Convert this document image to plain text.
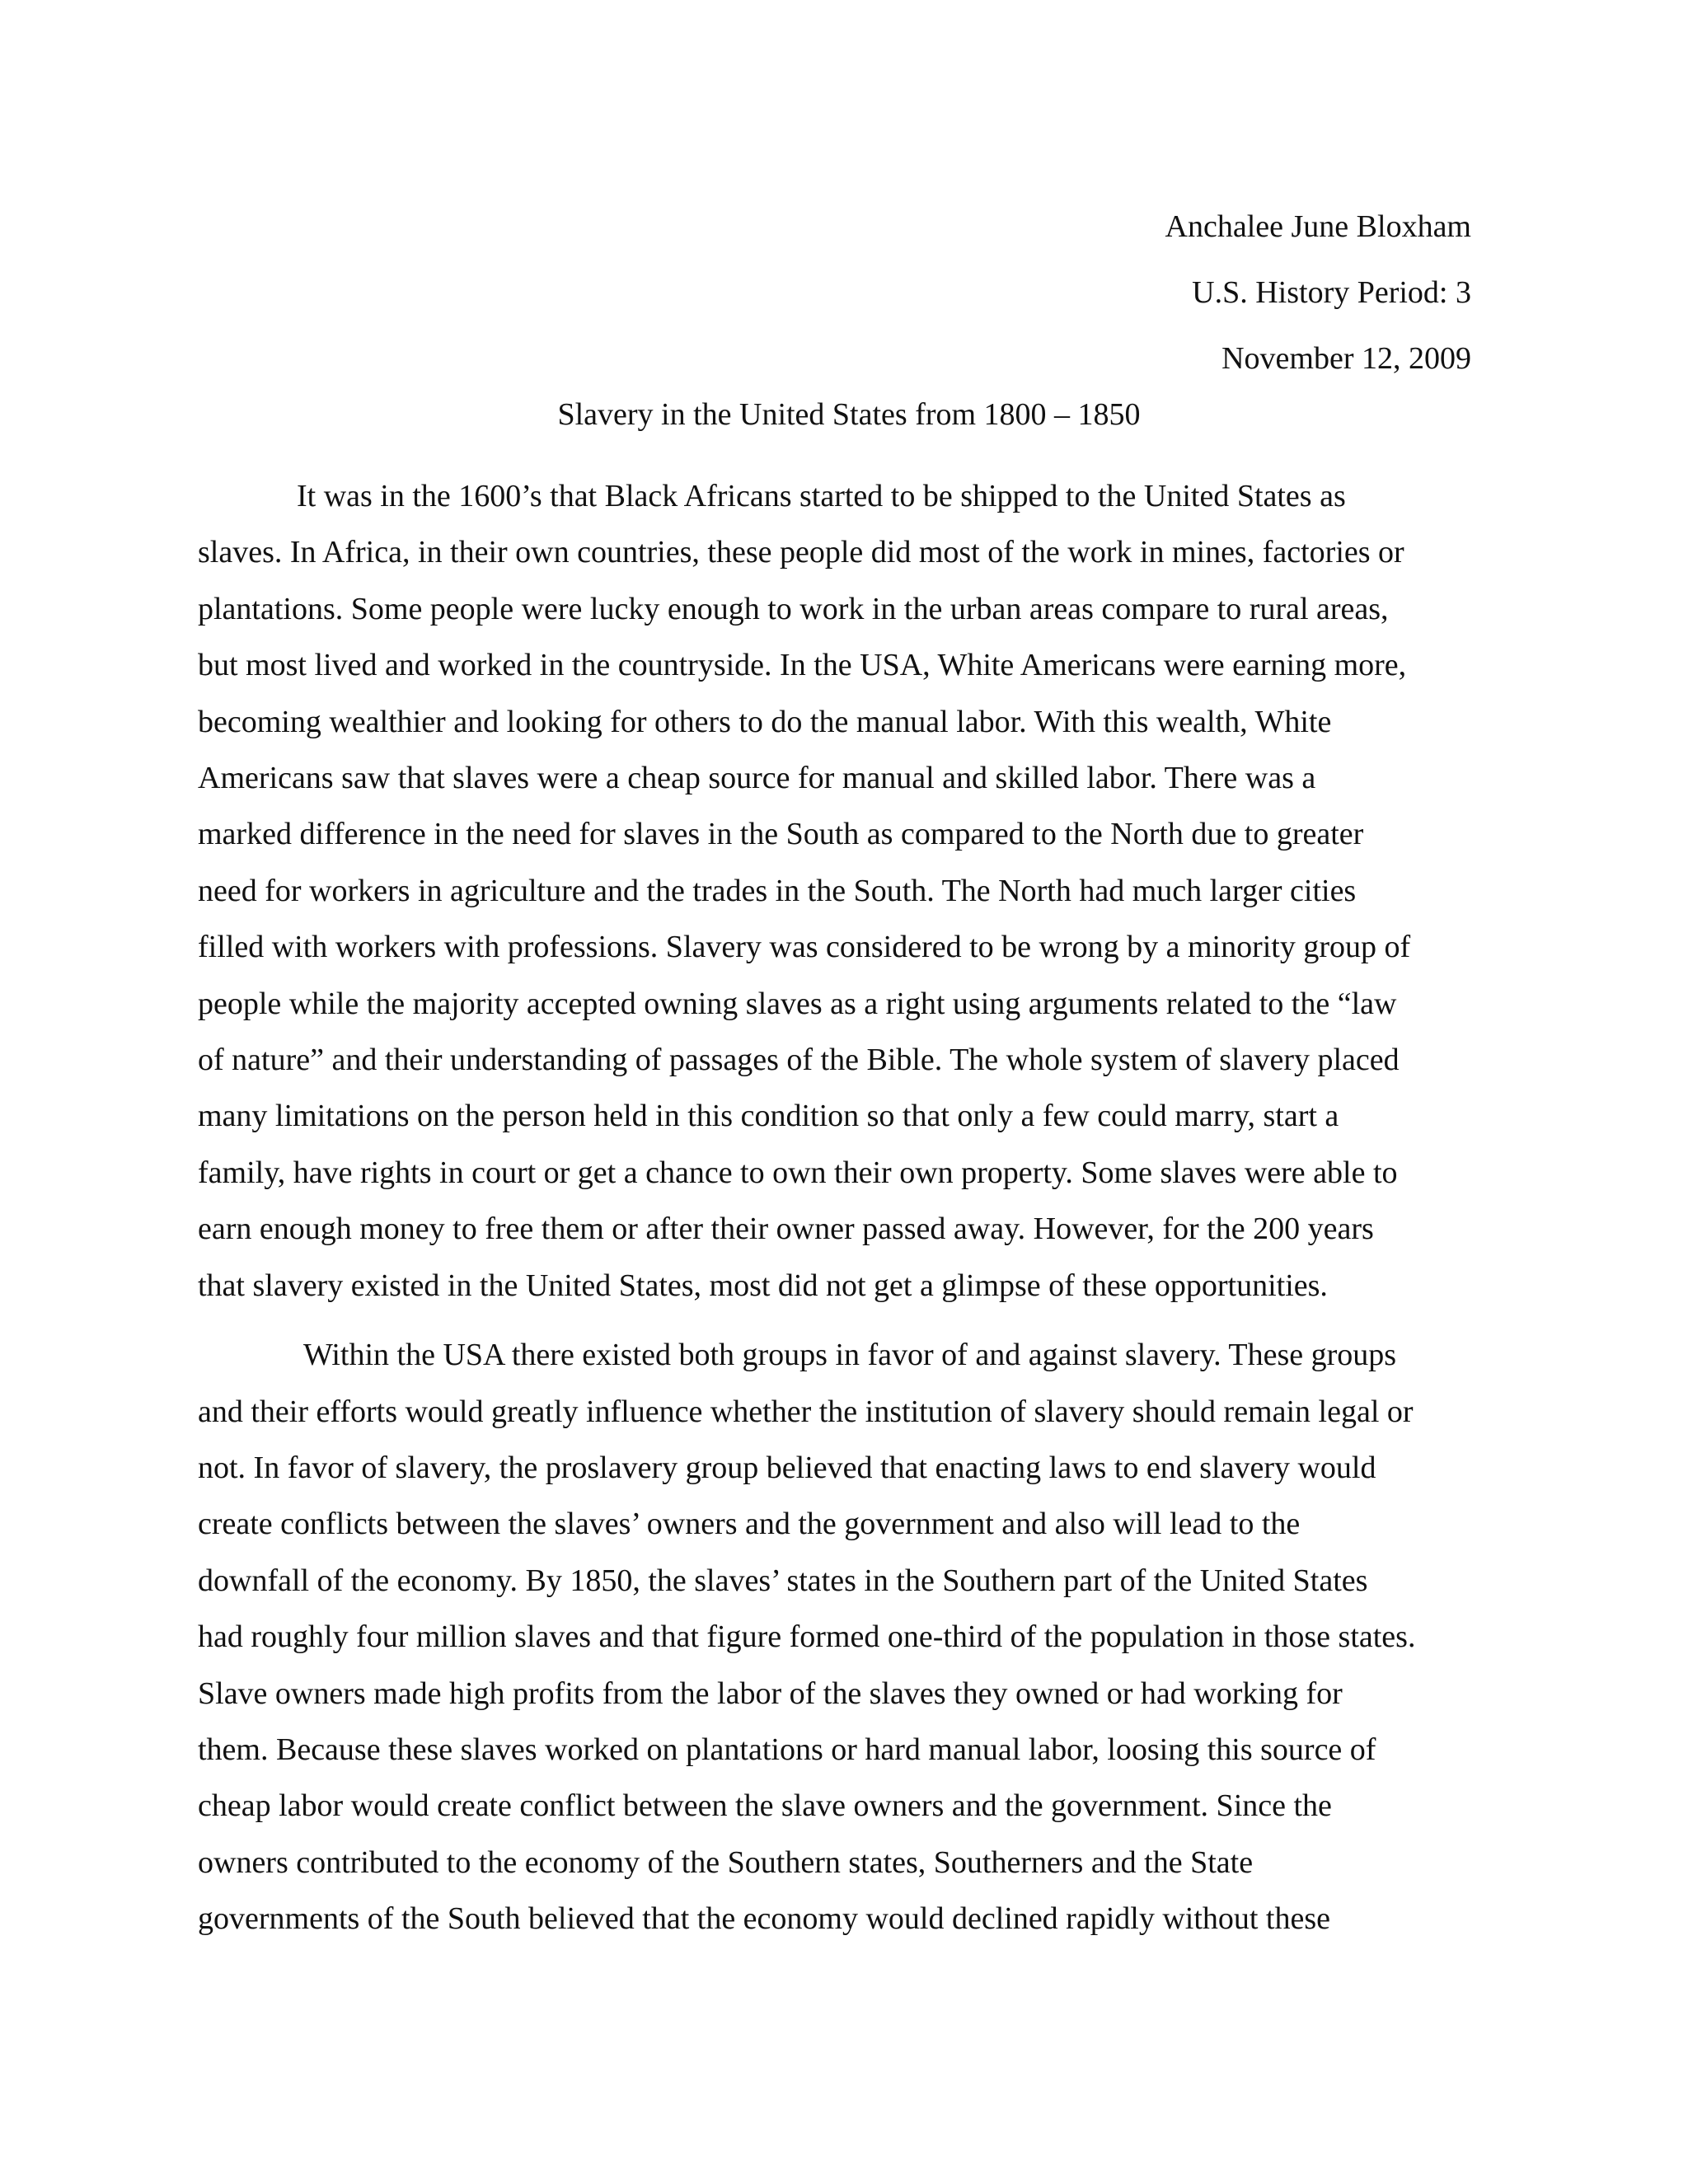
Anchalee June Bloxham
U.S. History Period: 3
November 12, 2009
Slavery in the United States from 1800 – 1850
It was in the 1600’s that Black Africans started to be shipped to the United States as
slaves. In Africa, in their own countries, these people did most of the work in mines, factories or
plantations. Some people were lucky enough to work in the urban areas compare to rural areas,
but most lived and worked in the countryside. In the USA, White Americans were earning more,
becoming wealthier and looking for others to do the manual labor. With this wealth, White
Americans saw that slaves were a cheap source for manual and skilled labor. There was a
marked difference in the need for slaves in the South as compared to the North due to greater
need for workers in agriculture and the trades in the South. The North had much larger cities
filled with workers with professions. Slavery was considered to be wrong by a minority group of
people while the majority accepted owning slaves as a right using arguments related to the “law
of nature” and their understanding of passages of the Bible. The whole system of slavery placed
many limitations on the person held in this condition so that only a few could marry, start a
family, have rights in court or get a chance to own their own property. Some slaves were able to
earn enough money to free them or after their owner passed away. However, for the 200 years
that slavery existed in the United States, most did not get a glimpse of these opportunities.
Within the USA there existed both groups in favor of and against slavery. These groups
and their efforts would greatly influence whether the institution of slavery should remain legal or
not. In favor of slavery, the proslavery group believed that enacting laws to end slavery would
create conflicts between the slaves’ owners and the government and also will lead to the
downfall of the economy. By 1850, the slaves’ states in the Southern part of the United States
had roughly four million slaves and that figure formed one-third of the population in those states.
Slave owners made high profits from the labor of the slaves they owned or had working for
them. Because these slaves worked on plantations or hard manual labor, loosing this source of
cheap labor would create conflict between the slave owners and the government. Since the
owners contributed to the economy of the Southern states, Southerners and the State
governments of the South believed that the economy would declined rapidly without these
